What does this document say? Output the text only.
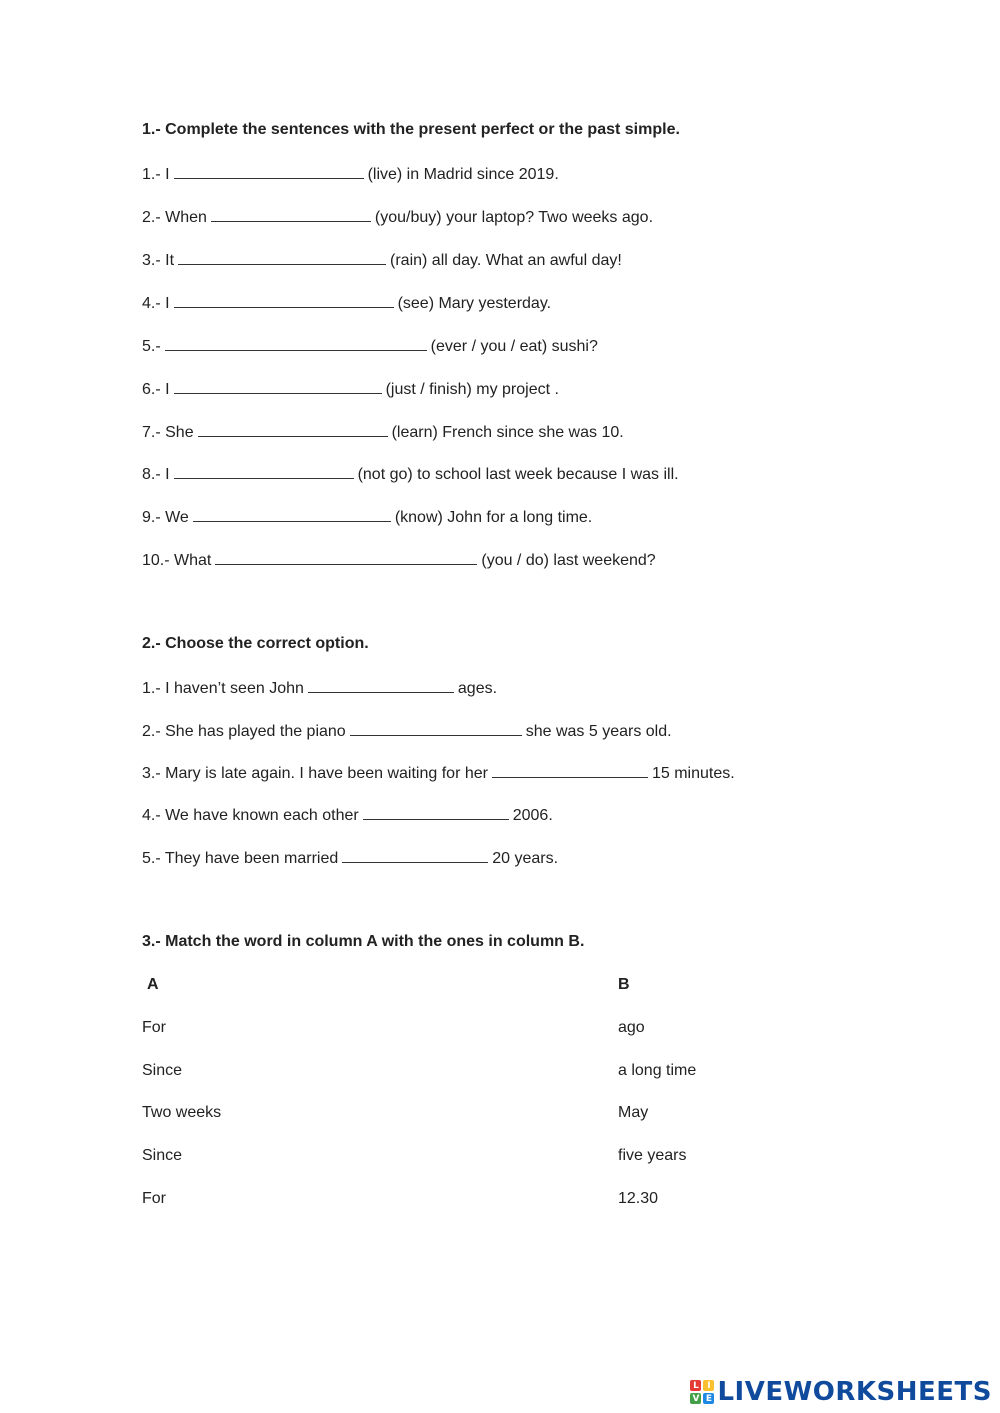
1.- Complete the sentences with the present perfect or the past simple.
1.- I	(live) in Madrid since 2019.
2.- When	(you/buy) your laptop? Two weeks ago.
3.- It	(rain) all day. What an awful day!
4.- I	(see) Mary yesterday.
5.-	(ever / you / eat) sushi?
6.- I	(just / finish) my project .
7.- She	(learn) French since she was 10.
8.- I	(not go) to school last week because I was ill.
9.- We	(know) John for a long time.
10.- What	(you / do) last weekend?
2.- Choose the correct option.
1.- I haven’t seen John	ages.
2.- She has played the piano	she was 5 years old.
3.- Mary is late again. I have been waiting for her	15 minutes.
4.- We have known each other	2006.
5.- They have been married	20 years.
3.- Match the word in column A with the ones in column B.
A	B
For	ago
Since	a long time
Two weeks	May
Since	five years
For	12.30
L I
V E LIVEWORKSHEETS
